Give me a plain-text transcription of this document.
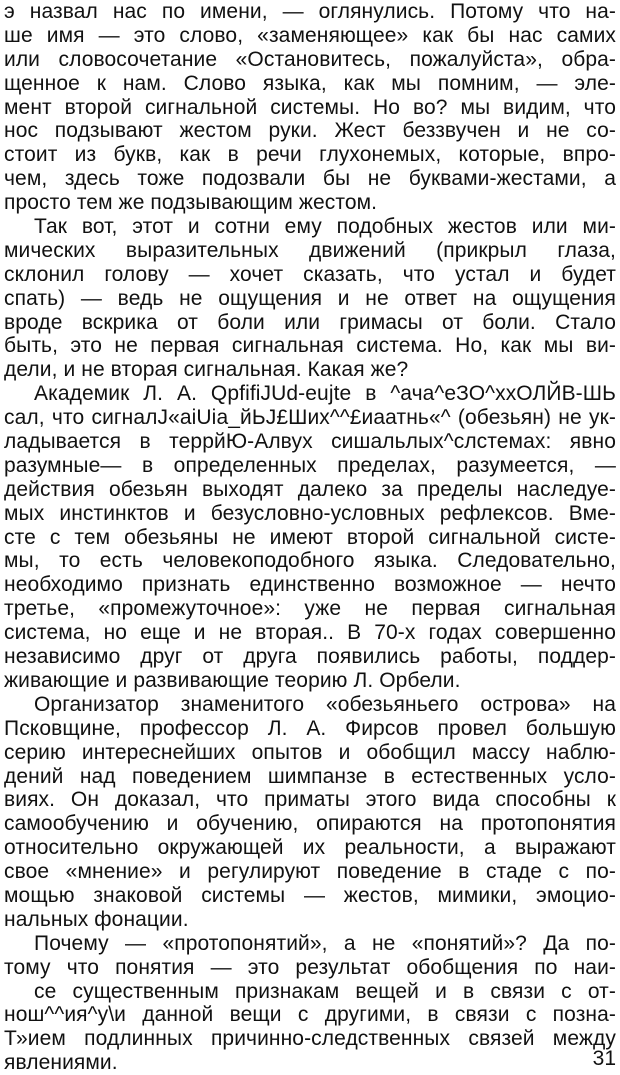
э назвал нас по имени, — оглянулись. Потому что на-
ше имя — это слово, «заменяющее» как бы нас самих
или словосочетание «Остановитесь, пожалуйста», обра-
щенное к нам. Слово языка, как мы помним, — эле-
мент второй сигнальной системы. Но во? мы видим, что
нос подзывают жестом руки. Жест беззвучен и не со-
стоит из букв, как в речи глухонемых, которые, впро-
чем, здесь тоже подозвали бы не буквами-жестами, а
просто тем же подзывающим жестом.
Так вот, этот и сотни ему подобных жестов или ми-
мических выразительных движений (прикрыл глаза,
склонил голову — хочет сказать, что устал и будет
спать) — ведь не ощущения и не ответ на ощущения
вроде вскрика от боли или гримасы от боли. Стало
быть, это не первая сигнальная система. Но, как мы ви-
дели, и не вторая сигнальная. Какая же?
Академик Л. А. QpfifiJUd-eujte в ^ача^еЗО^ххОЛЙВ-ШЬ
сал, что сигналJ«aiUia_йЬJ£Ших^^£иаатнь«^ (обезьян) не ук-
ладывается в террйЮ-Алвух сишальлых^слстемах: явно
разумные— в определенных пределах, разумеется, —
действия обезьян выходят далеко за пределы наследуе-
мых инстинктов и безусловно-условных рефлексов. Вме-
сте с тем обезьяны не имеют второй сигнальной систе-
мы, то есть человекоподобного языка. Следовательно,
необходимо признать единственно возможное — нечто
третье, «промежуточное»: уже не первая сигнальная
система, но еще и не вторая.. В 70-х годах совершенно
независимо друг от друга появились работы, поддер-
живающие и развивающие теорию Л. Орбели.
Организатор знаменитого «обезьяньего острова» на
Псковщине, профессор Л. А. Фирсов провел большую
серию интереснейших опытов и обобщил массу наблю-
дений над поведением шимпанзе в естественных усло-
виях. Он доказал, что приматы этого вида способны к
самообучению и обучению, опираются на протопонятия
относительно окружающей их реальности, а выражают
свое «мнение» и регулируют поведение в стаде с по-
мощью знаковой системы — жестов, мимики, эмоцио-
нальных фонации.
Почему — «протопонятий», а не «понятий»? Да по-
тому что понятия — это результат обобщения по наи-
се существенным признакам вещей и в связи с от-
нош^^ия^у\и данной вещи с другими, в связи с позна-
Т»ием подлинных причинно-следственных связей между
явлениями.	31
